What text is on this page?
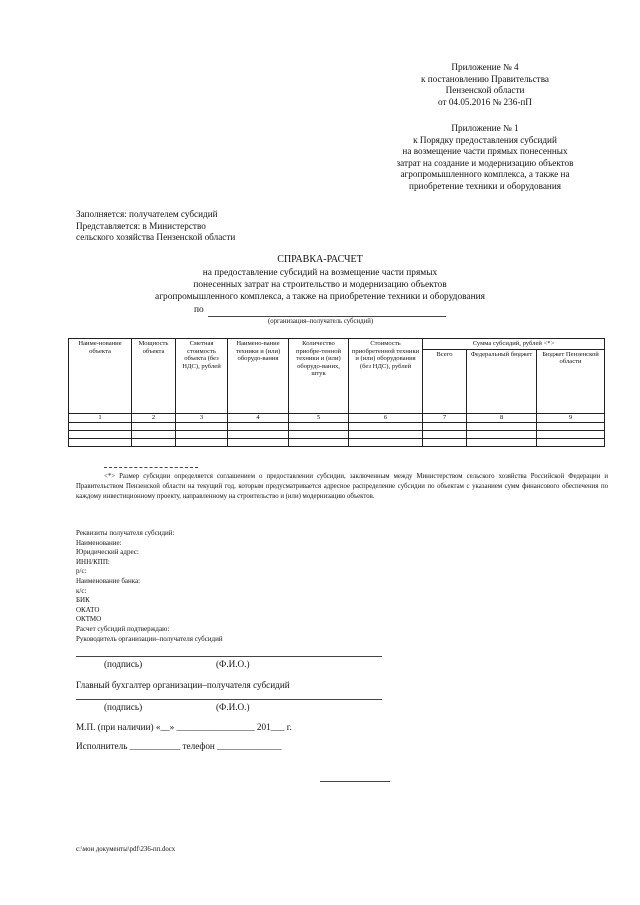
Приложение № 4
к постановлению Правительства
Пензенской области
от 04.05.2016 № 236-пП
Приложение № 1
к Порядку предоставления субсидий
на возмещение части прямых понесенных
затрат на создание и модернизацию объектов
агропромышленного комплекса, а также на
приобретение техники и оборудования
Заполняется: получателем субсидий
Представляется: в Министерство
сельского хозяйства Пензенской области
СПРАВКА-РАСЧЕТ
на предоставление субсидий на возмещение части прямых
понесенных затрат на строительство и модернизацию объектов
агропромышленного комплекса, а также на приобретение техники и оборудования
по
(организация–получатель субсидий)
Наиме-нование объекта	Мощность объекта	Сметная стоимость объекта (без НДС), рублей	Наимено-вание техники и (или) оборудо-вания	Количество приобре-тенной техники и (или) оборудо-ваних, штук	Стоимость приобретенной техники и (или) оборудования (без НДС), рублей	Сумма субсидий, рублей <*>		
						Всего	Федеральный бюджет	Бюджет Пензенской области
1	2	3	4	5	6	7	8	9

<*> Размер субсидии определяется соглашением о предоставлении субсидии, заключенным между Министерством сельского хозяйства Российской Федерации и Правительством Пензенской области на текущий год, которым предусматривается адресное распределение субсидии по объектам с указанием сумм финансового обеспечения по каждому инвестиционному проекту, направленному на строительство и (или) модернизацию объектов.
Реквизиты получателя субсидий:
Наименование:
Юридический адрес:
ИНН/КПП:
р/с:
Наименование банка:
к/с:
БИК
ОКАТО
ОКТМО
Расчет субсидий подтверждаю:
Руководитель организации–получателя субсидий
(подпись)	(Ф.И.О.)
Главный бухгалтер организации–получателя субсидий
(подпись)	(Ф.И.О.)
М.П. (при наличии) «__» _________________ 201___ г.
Исполнитель ___________ телефон ______________
c:\мои документы\pdf\236-пп.docx
